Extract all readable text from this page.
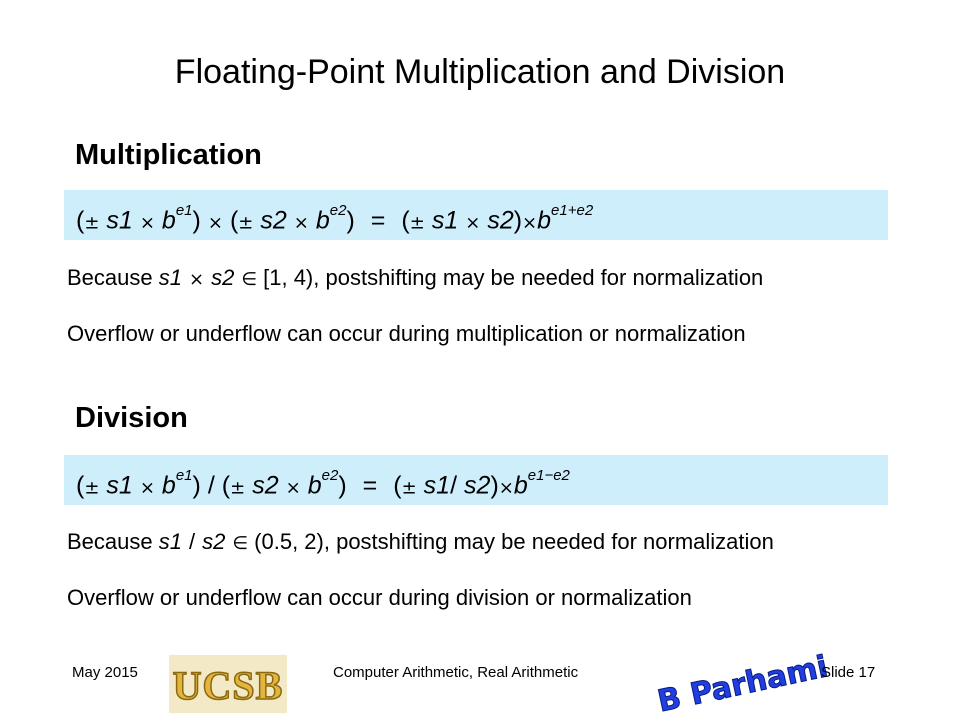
Floating-Point Multiplication and Division
Multiplication
(± $s1 \times b^{e1}$) × (± $s2 \times b^{e2}$) = (± $s1 \times s2)\times b^{e1+e2}$
Because s1 × s2 ∈ [1, 4), postshifting may be needed for normalization
Overflow or underflow can occur during multiplication or normalization
Division
(± $s1 \times b^{e1}$) / (± $s2 \times b^{e2}$) = (± s1/ $s2)\times b^{e1-e2}$
Because s1 / s2 ∈ (0.5, 2), postshifting may be needed for normalization
Overflow or underflow can occur during division or normalization
May 2015 UCSB	Computer Arithmetic, Real Arithmetic	B Parhami
Slide 17
